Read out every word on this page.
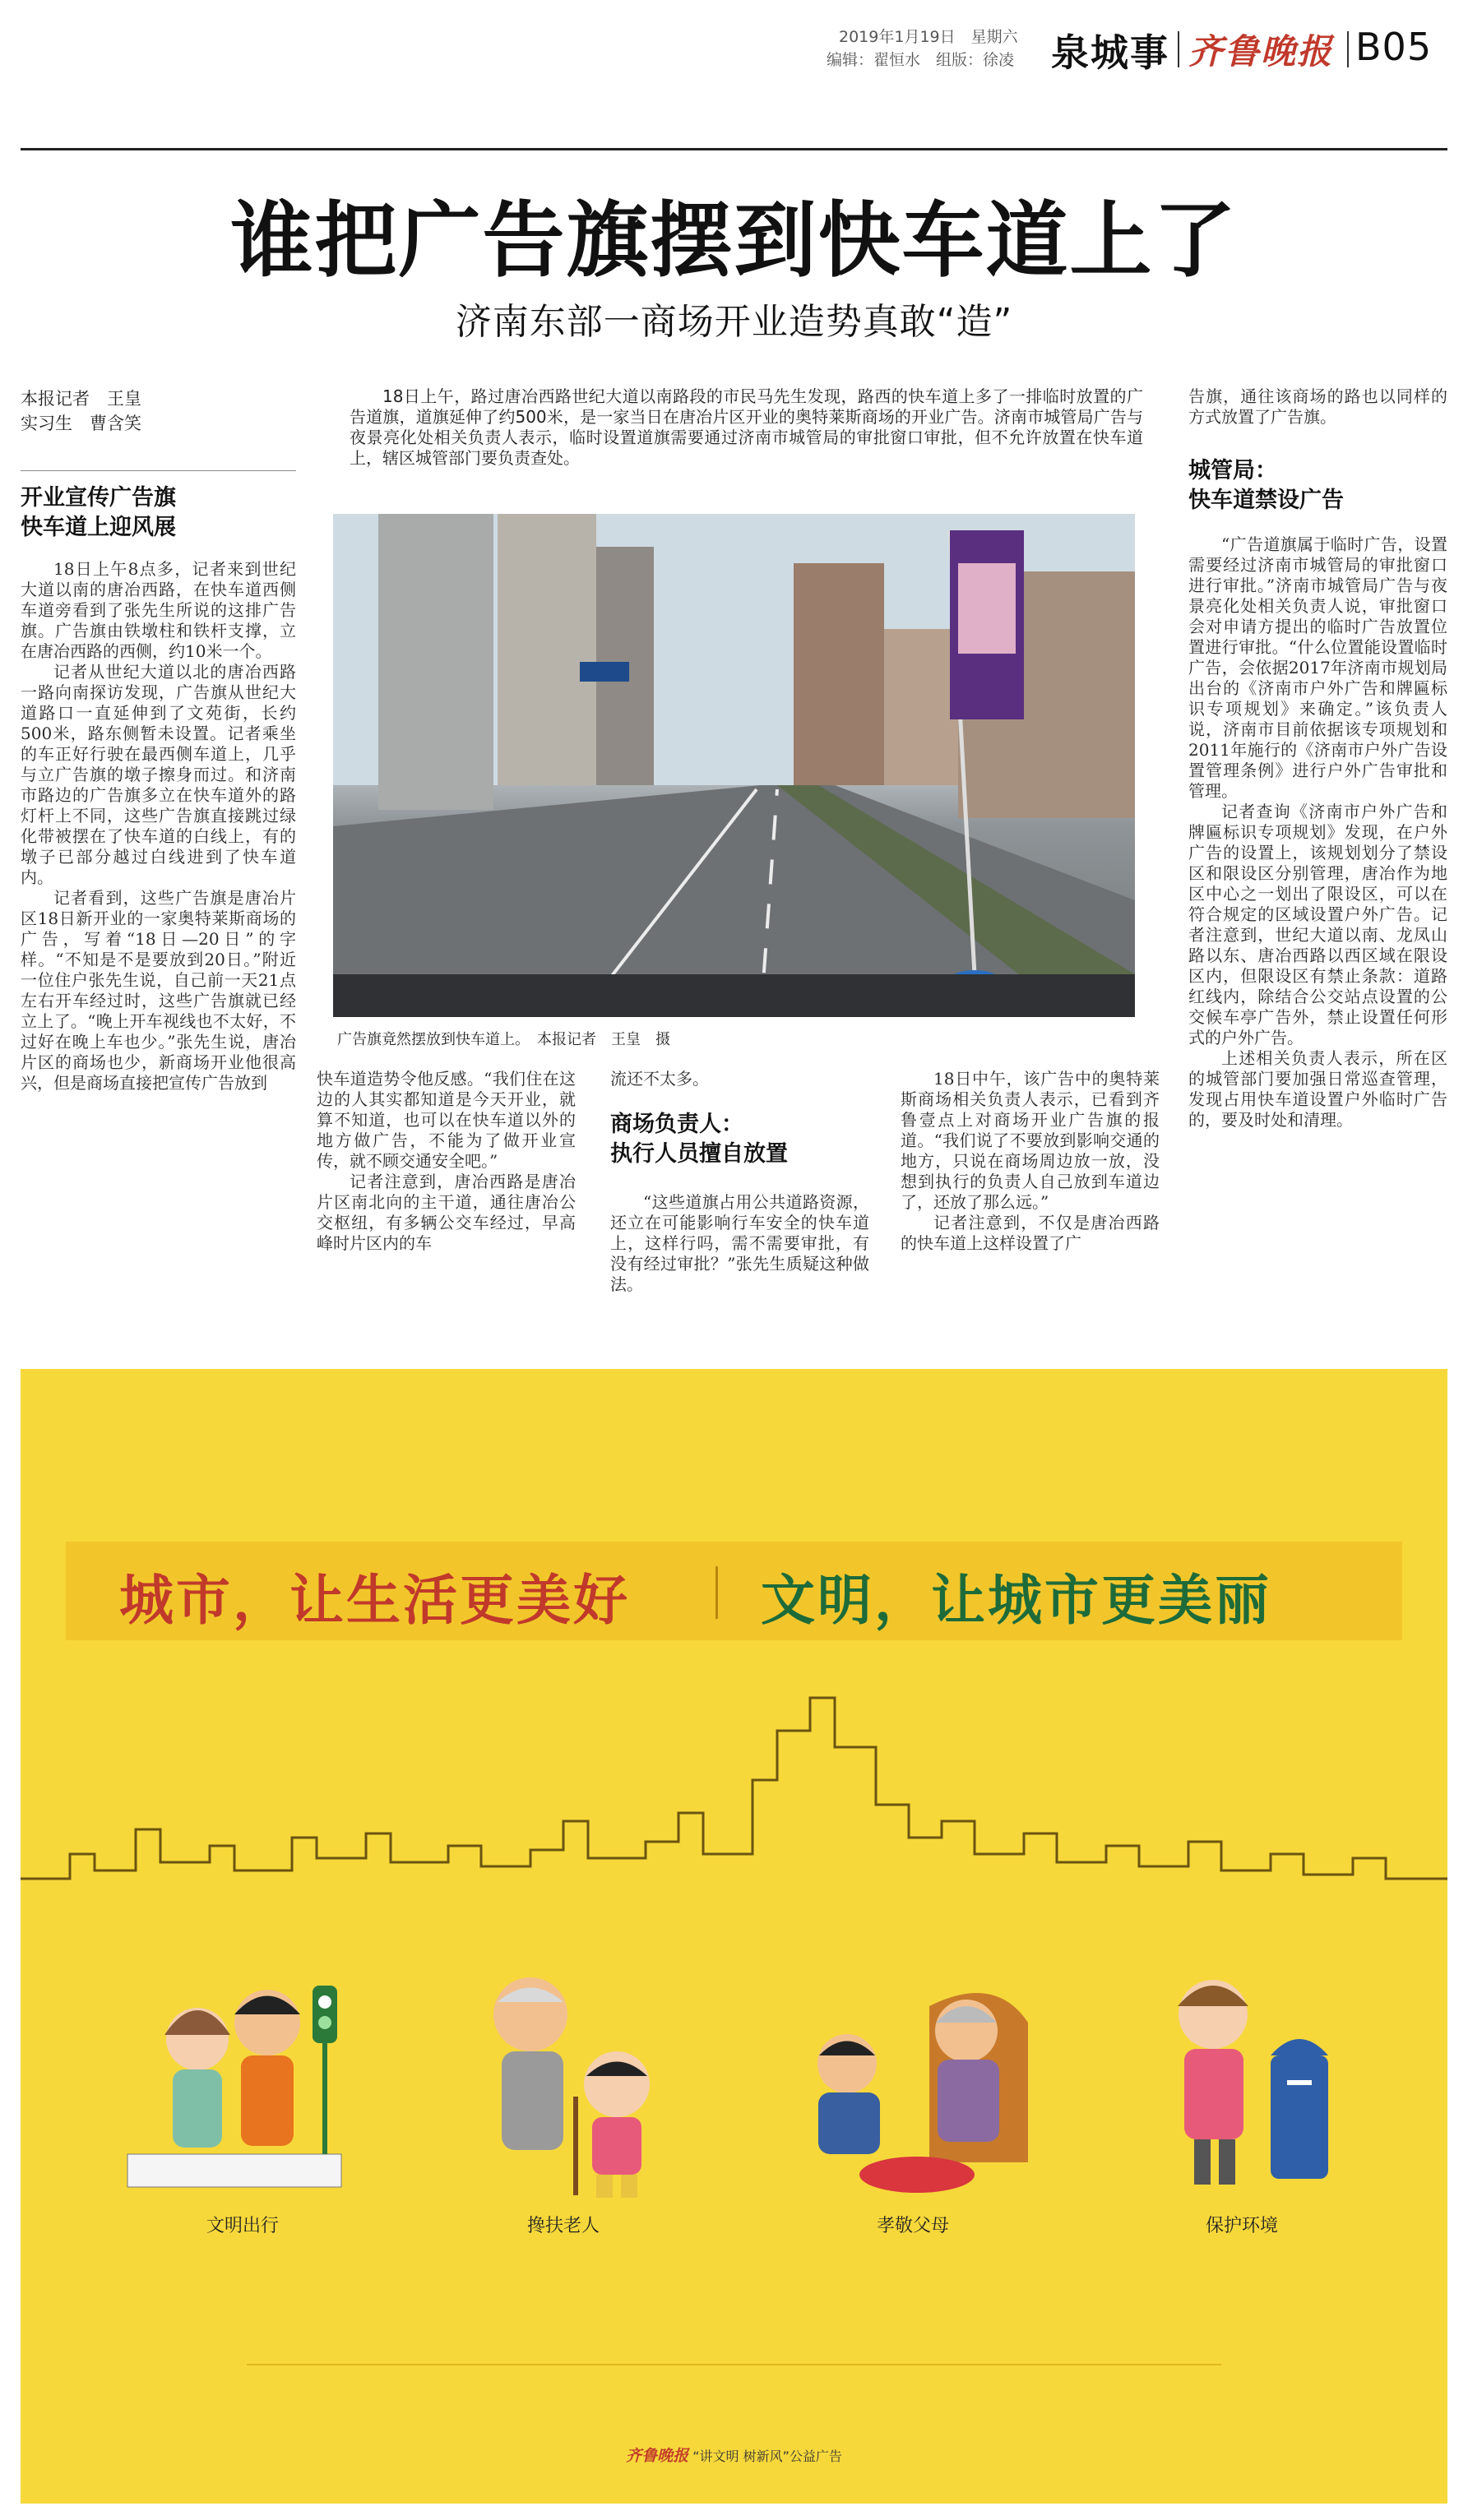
2019年1月19日　星期六
编辑：翟恒水　组版：徐凌 泉城事 齐鲁晚报 B05
谁把广告旗摆到快车道上了
济南东部一商场开业造势真敢“造”
本报记者　王皇
实习生　曹含笑
开业宣传广告旗
快车道上迎风展

18日上午8点多，记者来到世纪大道以南的唐冶西路，在快车道西侧车道旁看到了张先生所说的这排广告旗。广告旗由铁墩柱和铁杆支撑，立在唐冶西路的西侧，约10米一个。

记者从世纪大道以北的唐冶西路一路向南探访发现，广告旗从世纪大道路口一直延伸到了文苑街，长约500米，路东侧暂未设置。记者乘坐的车正好行驶在最西侧车道上，几乎与立广告旗的墩子擦身而过。和济南市路边的广告旗多立在快车道外的路灯杆上不同，这些广告旗直接跳过绿化带被摆在了快车道的白线上，有的墩子已部分越过白线进到了快车道内。

记者看到，这些广告旗是唐冶片区18日新开业的一家奥特莱斯商场的广告，写着“18日—20日”的字样。“不知是不是要放到20日。”附近一位住户张先生说，自己前一天21点左右开车经过时，这些广告旗就已经立上了。“晚上开车视线也不太好，不过好在晚上车也少。”张先生说，唐冶片区的商场也少，新商场开业他很高兴，但是商场直接把宣传广告放到

18日上午，路过唐冶西路世纪大道以南路段的市民马先生发现，路西的快车道上多了一排临时放置的广告道旗，道旗延伸了约500米，是一家当日在唐冶片区开业的奥特莱斯商场的开业广告。济南市城管局广告与夜景亮化处相关负责人表示，临时设置道旗需要通过济南市城管局的审批窗口审批，但不允许放置在快车道上，辖区城管部门要负责查处。

广告旗竟然摆放到快车道上。　本报记者　王皇　摄

快车道造势令他反感。“我们住在这边的人其实都知道是今天开业，就算不知道，也可以在快车道以外的地方做广告，不能为了做开业宣传，就不顾交通安全吧。”

记者注意到，唐冶西路是唐冶片区南北向的主干道，通往唐冶公交枢纽，有多辆公交车经过，早高峰时片区内的车

流还不太多。

商场负责人：
执行人员擅自放置

“这些道旗占用公共道路资源，还立在可能影响行车安全的快车道上，这样行吗，需不需要审批，有没有经过审批？”张先生质疑这种做法。

18日中午，该广告中的奥特莱斯商场相关负责人表示，已看到齐鲁壹点上对商场开业广告旗的报道。“我们说了不要放到影响交通的地方，只说在商场周边放一放，没想到执行的负责人自己放到车道边了，还放了那么远。”

记者注意到，不仅是唐冶西路的快车道上这样设置了广

告旗，通往该商场的路也以同样的方式放置了广告旗。

城管局：
快车道禁设广告

“广告道旗属于临时广告，设置需要经过济南市城管局的审批窗口进行审批。”济南市城管局广告与夜景亮化处相关负责人说，审批窗口会对申请方提出的临时广告放置位置进行审批。“什么位置能设置临时广告，会依据2017年济南市规划局出台的《济南市户外广告和牌匾标识专项规划》来确定。”该负责人说，济南市目前依据该专项规划和2011年施行的《济南市户外广告设置管理条例》进行户外广告审批和管理。

记者查询《济南市户外广告和牌匾标识专项规划》发现，在户外广告的设置上，该规划划分了禁设区和限设区分别管理，唐冶作为地区中心之一划出了限设区，可以在符合规定的区域设置户外广告。记者注意到，世纪大道以南、龙凤山路以东、唐冶西路以西区域在限设区内，但限设区有禁止条款：道路红线内，除结合公交站点设置的公交候车亭广告外，禁止设置任何形式的户外广告。

上述相关负责人表示，所在区的城管部门要加强日常巡查管理，发现占用快车道设置户外临时广告的，要及时处和清理。

城市，让生活更美好 文明，让城市更美丽
文明出行	搀扶老人	孝敬父母	保护环境
齐鲁晚报 “讲文明 树新风”公益广告
